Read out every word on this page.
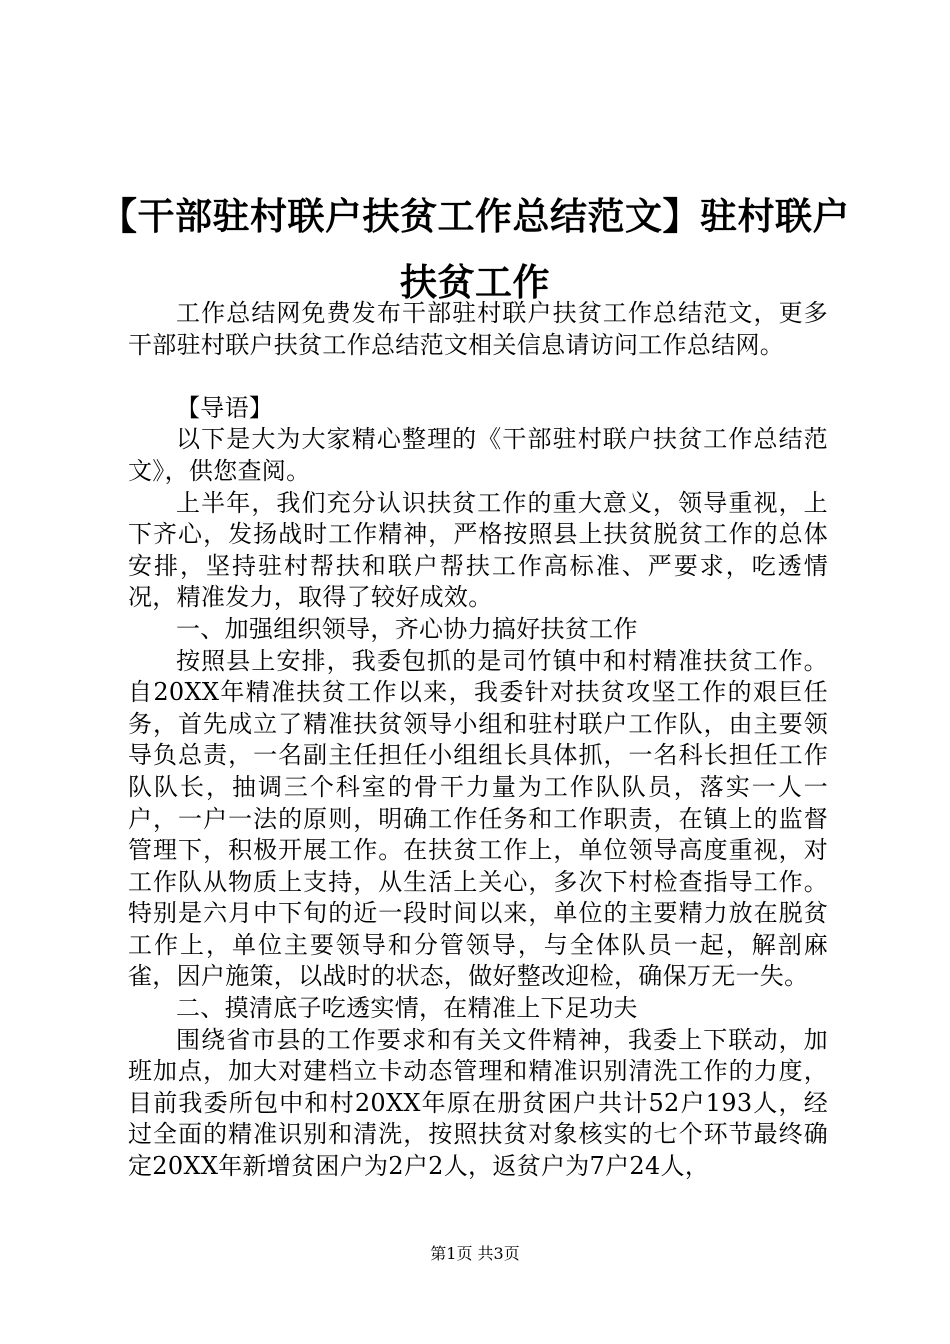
【干部驻村联户扶贫工作总结范文】驻村联户扶贫工作

工作总结网免费发布干部驻村联户扶贫工作总结范文，更多干部驻村联户扶贫工作总结范文相关信息请访问工作总结网。

【导语】

以下是大为大家精心整理的《干部驻村联户扶贫工作总结范文》，供您查阅。

上半年，我们充分认识扶贫工作的重大意义，领导重视，上下齐心，发扬战时工作精神，严格按照县上扶贫脱贫工作的总体安排，坚持驻村帮扶和联户帮扶工作高标准、严要求，吃透情况，精准发力，取得了较好成效。

一、加强组织领导，齐心协力搞好扶贫工作

按照县上安排，我委包抓的是司竹镇中和村精准扶贫工作。自20XX年精准扶贫工作以来，我委针对扶贫攻坚工作的艰巨任务，首先成立了精准扶贫领导小组和驻村联户工作队，由主要领导负总责，一名副主任担任小组组长具体抓，一名科长担任工作队队长，抽调三个科室的骨干力量为工作队队员，落实一人一户，一户一法的原则，明确工作任务和工作职责，在镇上的监督管理下，积极开展工作。在扶贫工作上，单位领导高度重视，对工作队从物质上支持，从生活上关心，多次下村检查指导工作。特别是六月中下旬的近一段时间以来，单位的主要精力放在脱贫工作上，单位主要领导和分管领导，与全体队员一起，解剖麻雀，因户施策，以战时的状态，做好整改迎检，确保万无一失。

二、摸清底子吃透实情，在精准上下足功夫

围绕省市县的工作要求和有关文件精神，我委上下联动，加班加点，加大对建档立卡动态管理和精准识别清洗工作的力度，目前我委所包中和村20XX年原在册贫困户共计52户193人，经过全面的精准识别和清洗，按照扶贫对象核实的七个环节最终确定20XX年新增贫困户为2户2人，返贫户为7户24人，

第1页 共3页
